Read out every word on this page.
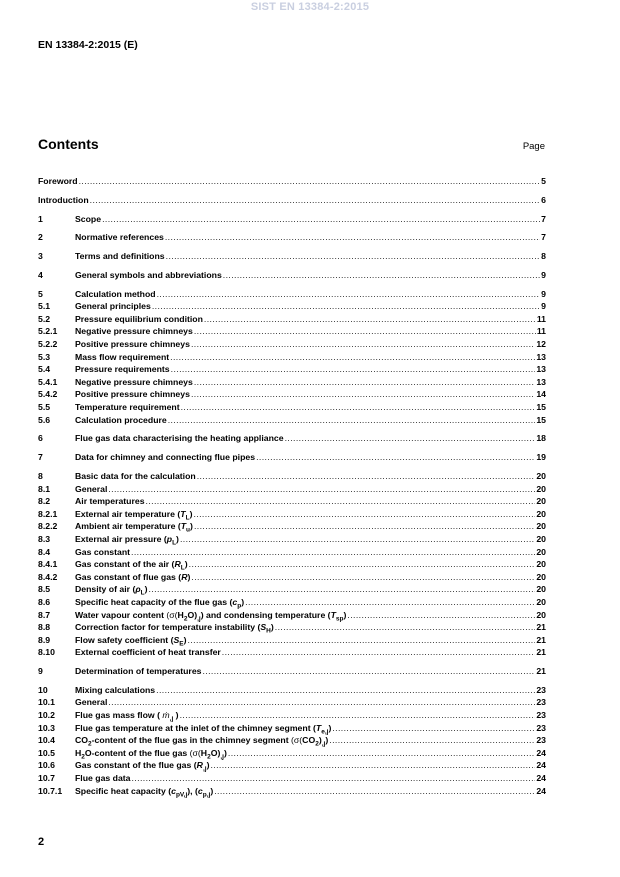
SIST EN 13384-2:2015
EN 13384-2:2015 (E)
Contents	Page
Foreword .....	5
Introduction .....	6
1	Scope .....	7
2	Normative references .....	7
3	Terms and definitions .....	8
4	General symbols and abbreviations .....	9
5	Calculation method .....	9
5.1	General principles .....	9
5.2	Pressure equilibrium condition .....	11
5.2.1	Negative pressure chimneys .....	11
5.2.2	Positive pressure chimneys .....	12
5.3	Mass flow requirement .....	13
5.4	Pressure requirements .....	13
5.4.1	Negative pressure chimneys .....	13
5.4.2	Positive pressure chimneys .....	14
5.5	Temperature requirement .....	15
5.6	Calculation procedure .....	15
6	Flue gas data characterising the heating appliance .....	18
7	Data for chimney and connecting flue pipes .....	19
8	Basic data for the calculation .....	20
8.1	General .....	20
8.2	Air temperatures .....	20
8.2.1	External air temperature $(T_L)$ .....	20
8.2.2	Ambient air temperature $(T_u)$ .....	20
8.3	External air pressure $(p_L)$ .....	20
8.4	Gas constant .....	20
8.4.1	Gas constant of the air $(R_L)$ .....	20
8.4.2	Gas constant of flue gas (R) .....	20
8.5	Density of air $(\rho_L)$ .....	20
8.6	Specific heat capacity of the flue gas $(c_p)$ .....	20
8.7	Water vapour content $(\sigma(H_2O)_{,j})$ and condensing temperature $(T_{sp})$ .....	20
8.8	Correction factor for temperature instability $(S_H)$ .....	21
8.9	Flow safety coefficient $(S_E)$ .....	21
8.10	External coefficient of heat transfer .....	21
9	Determination of temperatures .....	21
10	Mixing calculations .....	23
10.1	General .....	23
10.2	Flue gas mass flow ( ṁ$_{,j}$ ) .....	23
10.3	Flue gas temperature at the inlet of the chimney segment $(T_{e,j})$ .....	23
10.4	$CO_2$-content of the flue gas in the chimney segment $(\sigma(CO_2)_{,j})$ .....	23
10.5	$H_2O$-content of the flue gas $(\sigma(H_2O)_{,j})$ .....	24
10.6	Gas constant of the flue gas $(R_{,j})$ .....	24
10.7	Flue gas data .....	24
10.7.1	Specific heat capacity $(c_{pV,j})$, $(c_{p,j})$ .....	24
2
